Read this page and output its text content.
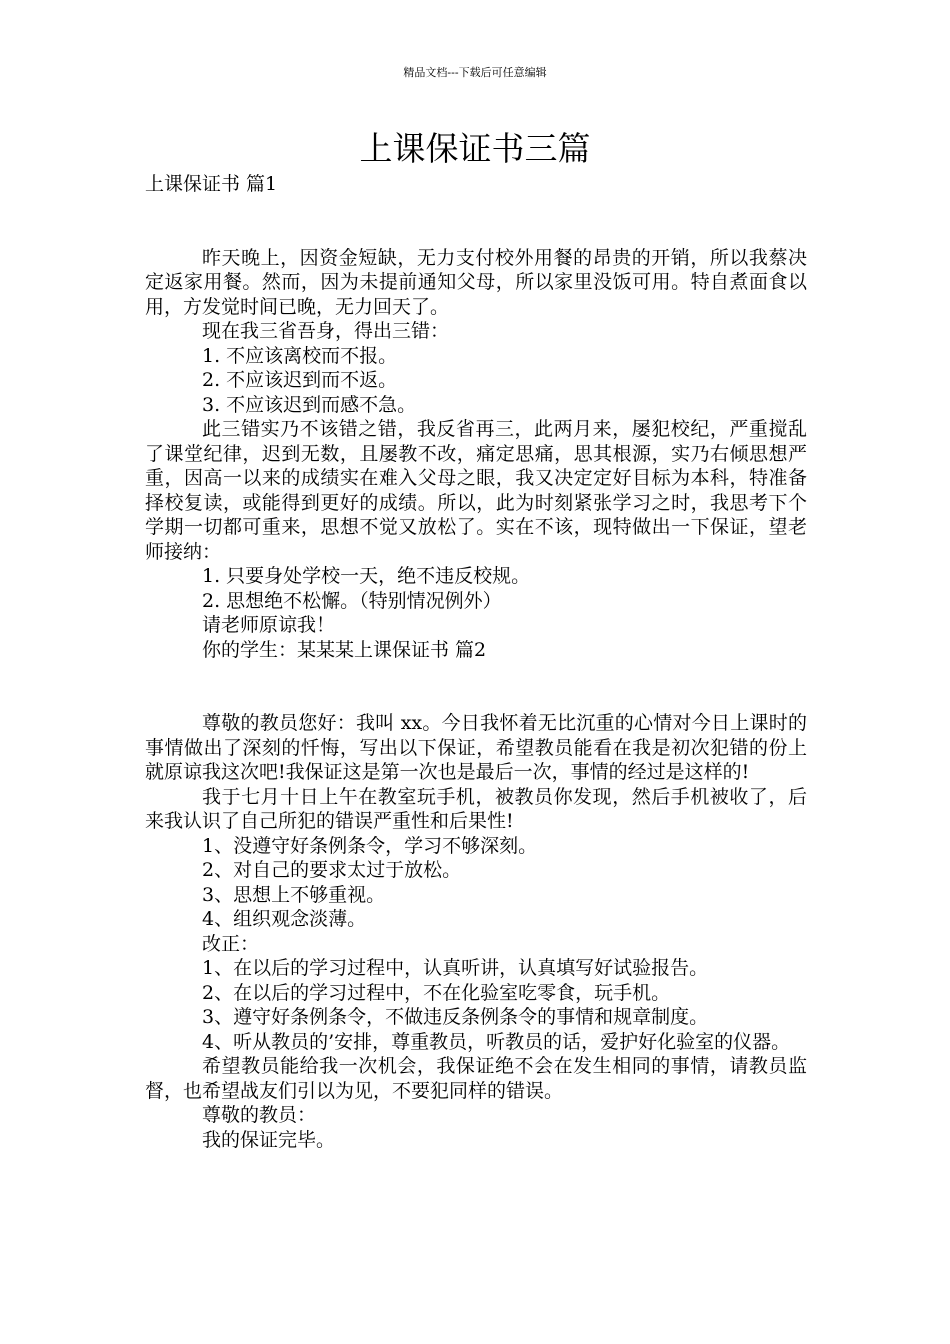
精品文档---下载后可任意编辑
上课保证书三篇

上课保证书 篇1

昨天晚上，因资金短缺，无力支付校外用餐的昂贵的开销，所以我蔡决定返家用餐。然而，因为未提前通知父母，所以家里没饭可用。特自煮面食以用，方发觉时间已晚，无力回天了。

现在我三省吾身，得出三错：

1. 不应该离校而不报。

2. 不应该迟到而不返。

3. 不应该迟到而感不急。

此三错实乃不该错之错，我反省再三，此两月来，屡犯校纪，严重搅乱了课堂纪律，迟到无数，且屡教不改，痛定思痛，思其根源，实乃右倾思想严重，因高一以来的成绩实在难入父母之眼，我又决定定好目标为本科，特准备择校复读，或能得到更好的成绩。所以，此为时刻紧张学习之时，我思考下个学期一切都可重来，思想不觉又放松了。实在不该，现特做出一下保证，望老师接纳：

1. 只要身处学校一天，绝不违反校规。

2. 思想绝不松懈。（特别情况例外）

请老师原谅我！

你的学生：某某某上课保证书 篇2

尊敬的教员您好：我叫 xx。今日我怀着无比沉重的心情对今日上课时的事情做出了深刻的忏悔，写出以下保证，希望教员能看在我是初次犯错的份上就原谅我这次吧!我保证这是第一次也是最后一次，事情的经过是这样的!

我于七月十日上午在教室玩手机，被教员你发现，然后手机被收了，后来我认识了自己所犯的错误严重性和后果性!

1、没遵守好条例条令，学习不够深刻。

2、对自己的要求太过于放松。

3、思想上不够重视。

4、组织观念淡薄。

改正：

1、在以后的学习过程中，认真听讲，认真填写好试验报告。

2、在以后的学习过程中，不在化验室吃零食，玩手机。

3、遵守好条例条令，不做违反条例条令的事情和规章制度。

4、听从教员的’安排，尊重教员，听教员的话，爱护好化验室的仪器。

希望教员能给我一次机会，我保证绝不会在发生相同的事情，请教员监督，也希望战友们引以为见，不要犯同样的错误。

尊敬的教员：

我的保证完毕。
